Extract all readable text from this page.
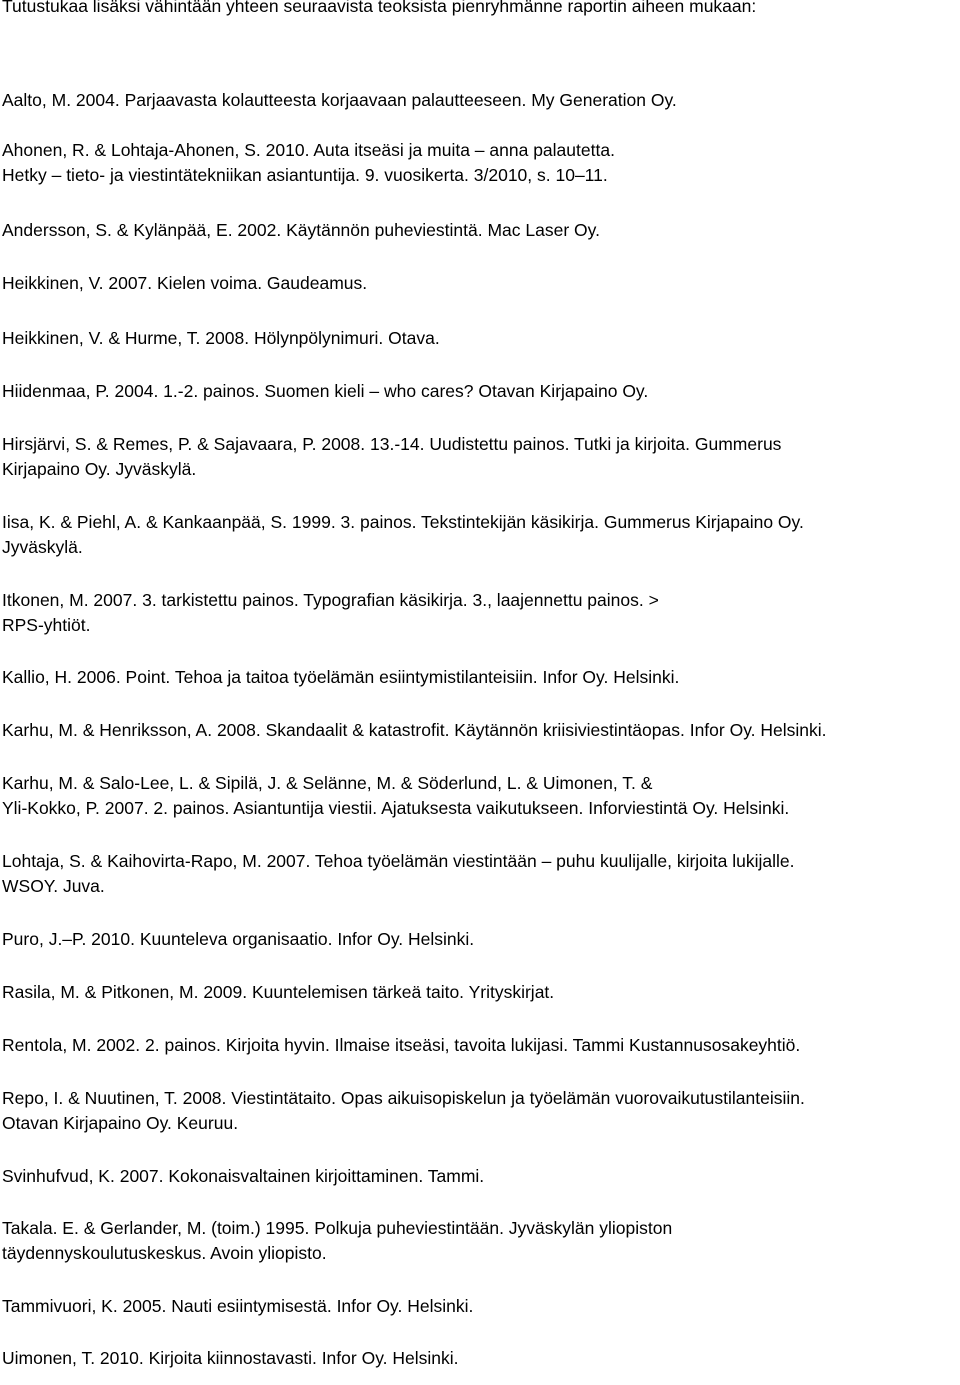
Tutustukaa lisäksi vähintään yhteen seuraavista teoksista pienryhmänne raportin aiheen mukaan:

Aalto, M. 2004. Parjaavasta kolautteesta korjaavaan palautteeseen. My Generation Oy.
Ahonen, R. & Lohtaja-Ahonen, S. 2010. Auta itseäsi ja muita – anna palautetta.
Hetky – tieto- ja viestintätekniikan asiantuntija. 9. vuosikerta. 3/2010, s. 10–11.
Andersson, S. & Kylänpää, E. 2002. Käytännön puheviestintä. Mac Laser Oy.
Heikkinen, V. 2007. Kielen voima. Gaudeamus.
Heikkinen, V. & Hurme, T. 2008. Hölynpölynimuri. Otava.
Hiidenmaa, P. 2004. 1.-2. painos. Suomen kieli – who cares? Otavan Kirjapaino Oy.
Hirsjärvi, S. & Remes, P. & Sajavaara, P. 2008. 13.-14. Uudistettu painos. Tutki ja kirjoita. Gummerus
Kirjapaino Oy. Jyväskylä.
Iisa, K. & Piehl, A. & Kankaanpää, S. 1999. 3. painos. Tekstintekijän käsikirja. Gummerus Kirjapaino Oy.
Jyväskylä.
Itkonen, M. 2007. 3. tarkistettu painos. Typografian käsikirja. 3., laajennettu painos. >
RPS-yhtiöt.
Kallio, H. 2006. Point. Tehoa ja taitoa työelämän esiintymistilanteisiin. Infor Oy. Helsinki.
Karhu, M. & Henriksson, A. 2008. Skandaalit & katastrofit. Käytännön kriisiviestintäopas. Infor Oy. Helsinki.
Karhu, M. & Salo-Lee, L. & Sipilä, J. & Selänne, M. & Söderlund, L. & Uimonen, T. &
Yli-Kokko, P. 2007. 2. painos. Asiantuntija viestii. Ajatuksesta vaikutukseen. Inforviestintä Oy. Helsinki.
Lohtaja, S. & Kaihovirta-Rapo, M. 2007. Tehoa työelämän viestintään – puhu kuulijalle, kirjoita lukijalle.
WSOY. Juva.
Puro, J.–P. 2010. Kuunteleva organisaatio. Infor Oy. Helsinki.
Rasila, M. & Pitkonen, M. 2009. Kuuntelemisen tärkeä taito. Yrityskirjat.
Rentola, M. 2002. 2. painos. Kirjoita hyvin. Ilmaise itseäsi, tavoita lukijasi. Tammi Kustannusosakeyhtiö.
Repo, I. & Nuutinen, T. 2008. Viestintätaito. Opas aikuisopiskelun ja työelämän vuorovaikutustilanteisiin.
Otavan Kirjapaino Oy. Keuruu.
Svinhufvud, K. 2007. Kokonaisvaltainen kirjoittaminen. Tammi.
Takala. E. & Gerlander, M. (toim.) 1995. Polkuja puheviestintään. Jyväskylän yliopiston
täydennyskoulutuskeskus. Avoin yliopisto.
Tammivuori, K. 2005. Nauti esiintymisestä. Infor Oy. Helsinki.
Uimonen, T. 2010. Kirjoita kiinnostavasti. Infor Oy. Helsinki.
